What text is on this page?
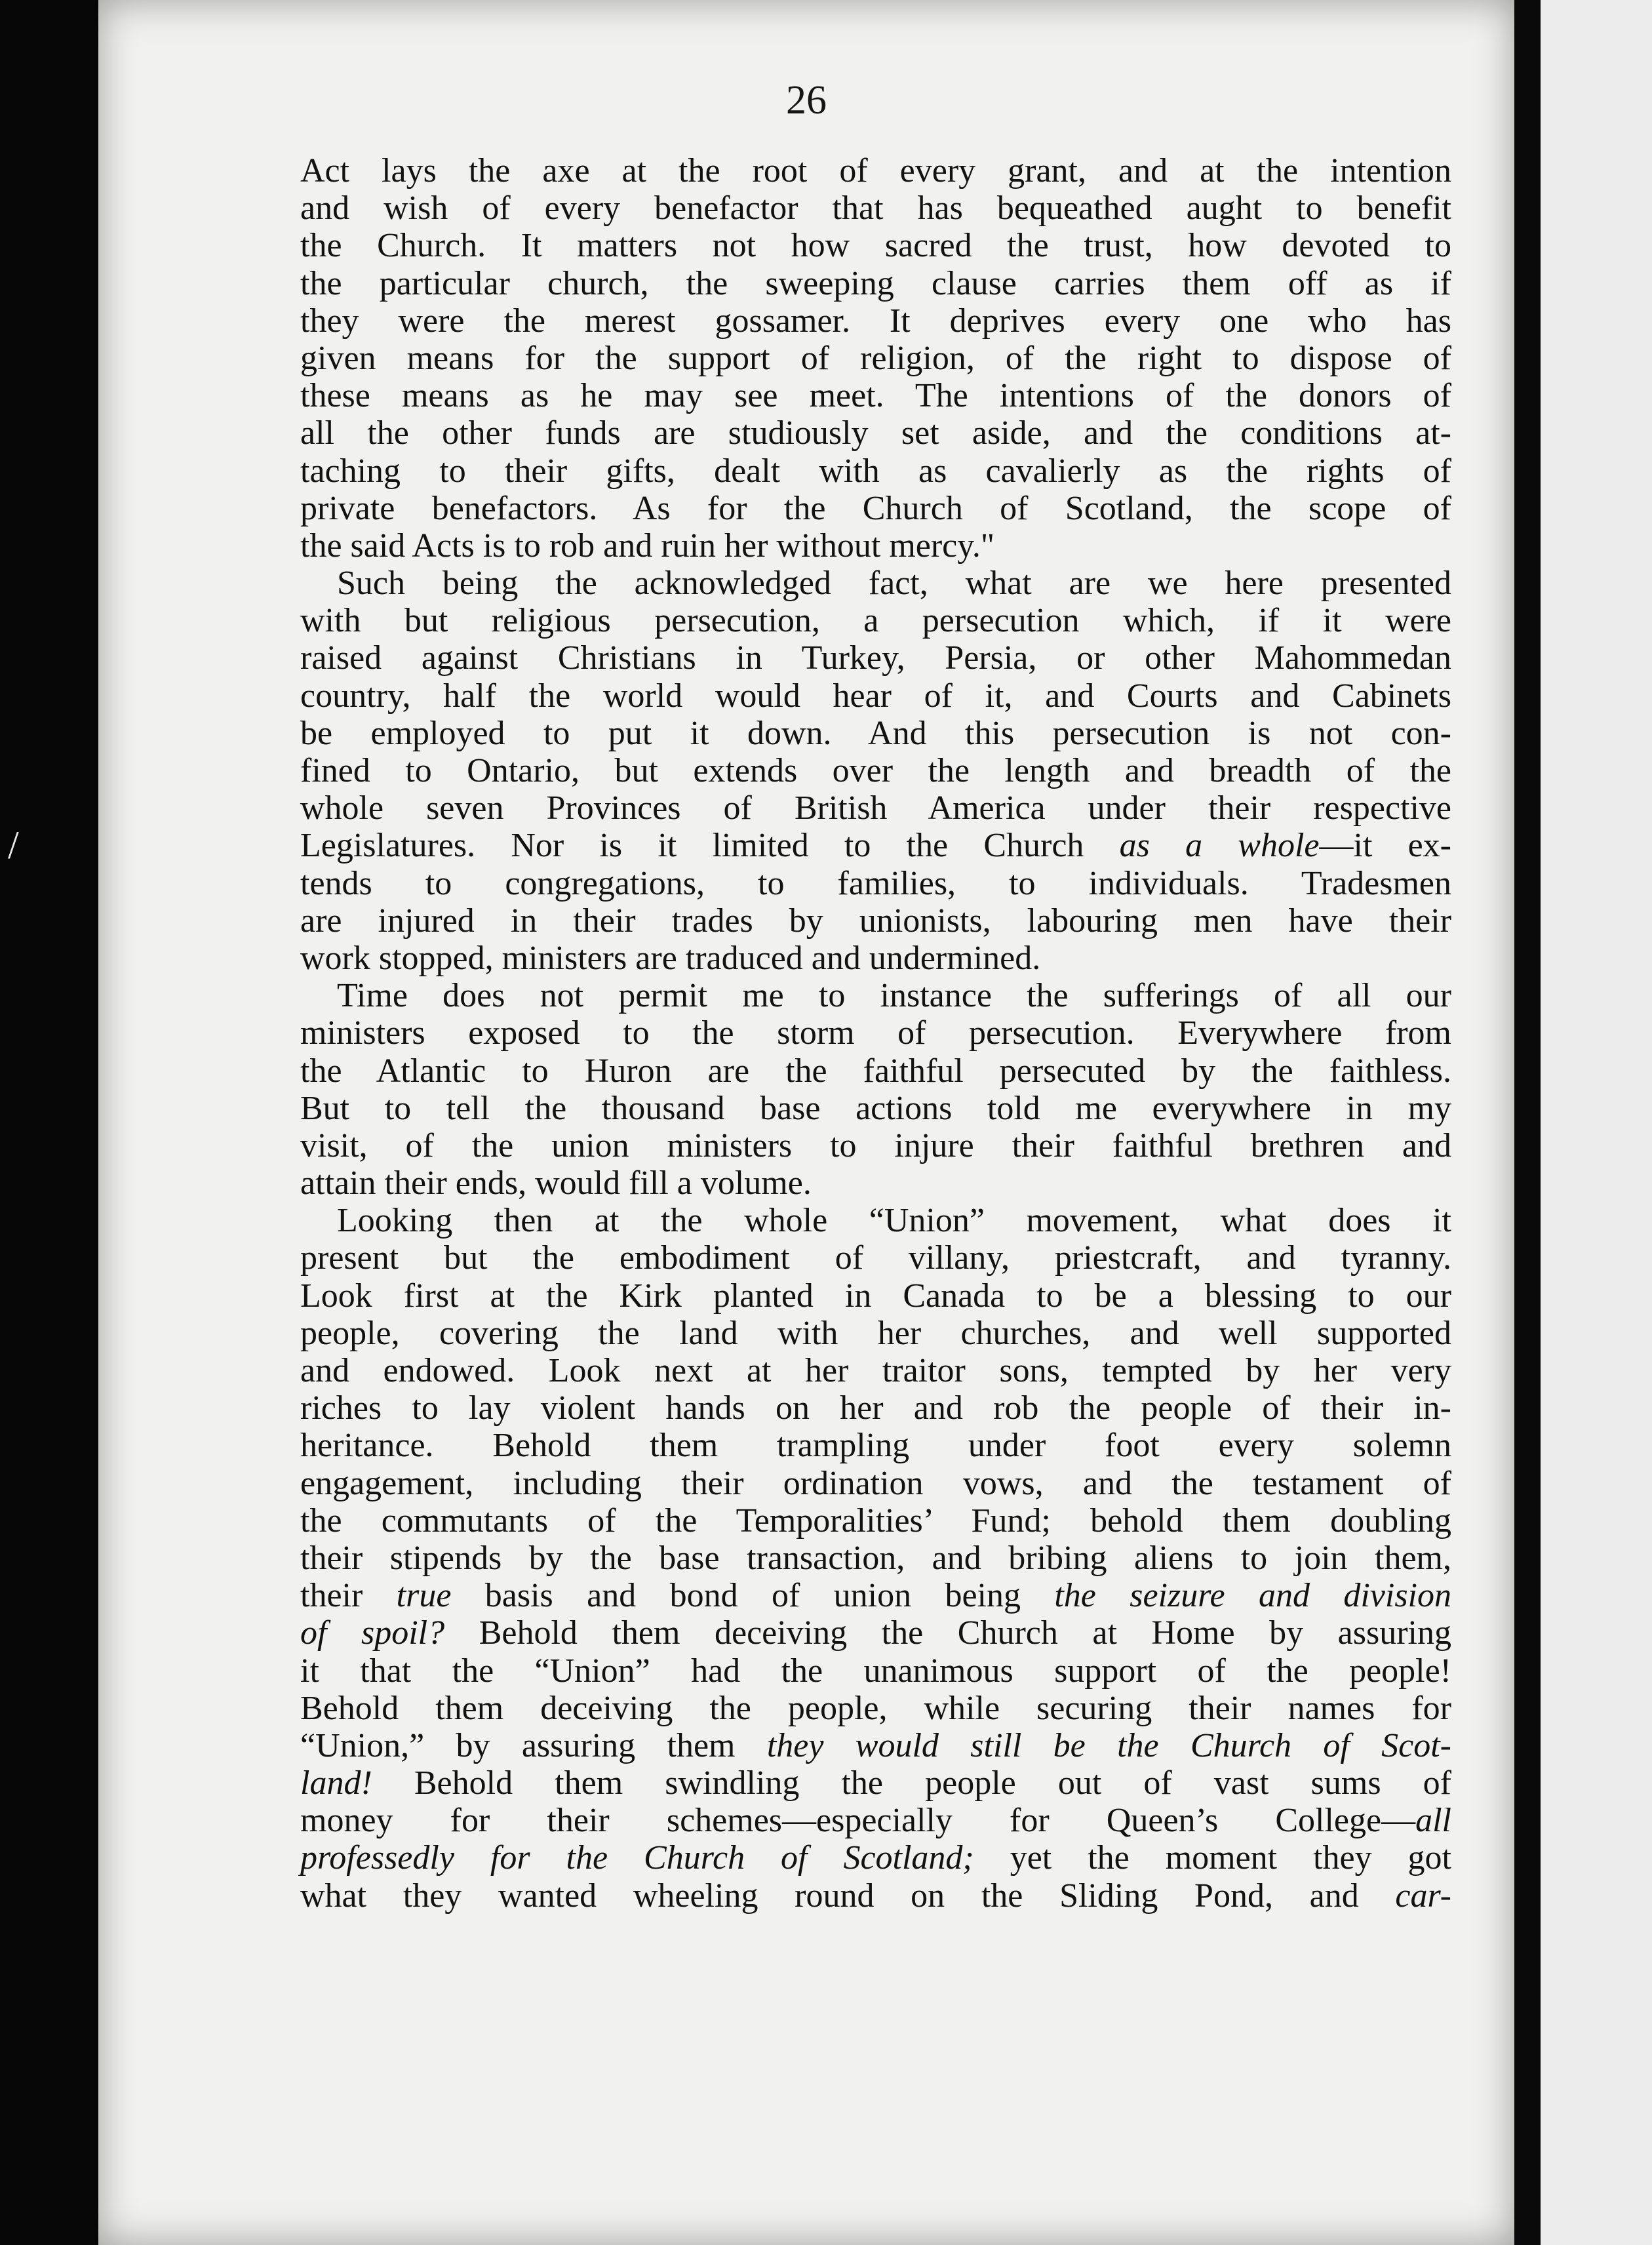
26
Act lays the axe at the root of every grant, and at the intention
and wish of every benefactor that has bequeathed aught to benefit
the Church. It matters not how sacred the trust, how devoted to
the particular church, the sweeping clause carries them off as if
they were the merest gossamer. It deprives every one who has
given means for the support of religion, of the right to dispose of
these means as he may see meet. The intentions of the donors of
all the other funds are studiously set aside, and the conditions at-
taching to their gifts, dealt with as cavalierly as the rights of
private benefactors. As for the Church of Scotland, the scope of
the said Acts is to rob and ruin her without mercy."
Such being the acknowledged fact, what are we here presented
with but religious persecution, a persecution which, if it were
raised against Christians in Turkey, Persia, or other Mahommedan
country, half the world would hear of it, and Courts and Cabinets
be employed to put it down. And this persecution is not con-
fined to Ontario, but extends over the length and breadth of the
whole seven Provinces of British America under their respective
Legislatures. Nor is it limited to the Church as a whole—it ex-
tends to congregations, to families, to individuals. Tradesmen
are injured in their trades by unionists, labouring men have their
work stopped, ministers are traduced and undermined.
Time does not permit me to instance the sufferings of all our
ministers exposed to the storm of persecution. Everywhere from
the Atlantic to Huron are the faithful persecuted by the faithless.
But to tell the thousand base actions told me everywhere in my
visit, of the union ministers to injure their faithful brethren and
attain their ends, would fill a volume.
Looking then at the whole “Union” movement, what does it
present but the embodiment of villany, priestcraft, and tyranny.
Look first at the Kirk planted in Canada to be a blessing to our
people, covering the land with her churches, and well supported
and endowed. Look next at her traitor sons, tempted by her very
riches to lay violent hands on her and rob the people of their in-
heritance. Behold them trampling under foot every solemn
engagement, including their ordination vows, and the testament of
the commutants of the Temporalities’ Fund; behold them doubling
their stipends by the base transaction, and bribing aliens to join them,
their true basis and bond of union being the seizure and division
of spoil? Behold them deceiving the Church at Home by assuring
it that the “Union” had the unanimous support of the people!
Behold them deceiving the people, while securing their names for
“Union,” by assuring them they would still be the Church of Scot-
land! Behold them swindling the people out of vast sums of
money for their schemes—especially for Queen’s College—all
professedly for the Church of Scotland; yet the moment they got
what they wanted wheeling round on the Sliding Pond, and car-
/
